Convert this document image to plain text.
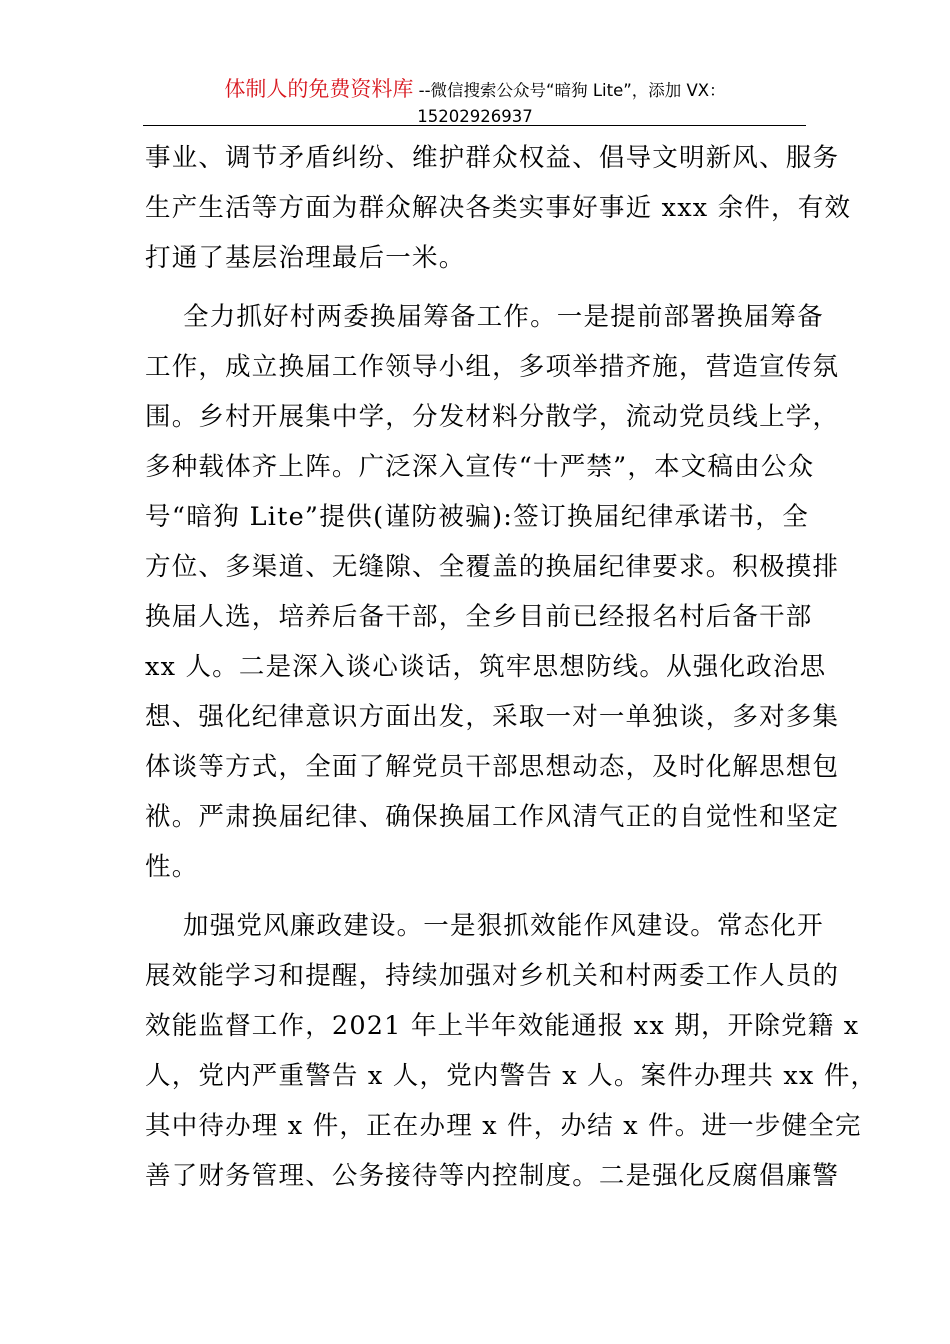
体制人的免费资料库 --微信搜索公众号“暗狗 Lite”，添加 VX：
15202926937

事业、调节矛盾纠纷、维护群众权益、倡导文明新风、服务
生产生活等方面为群众解决各类实事好事近 xxx 余件，有效
打通了基层治理最后一米。

全力抓好村两委换届筹备工作。一是提前部署换届筹备
工作，成立换届工作领导小组，多项举措齐施，营造宣传氛
围。乡村开展集中学，分发材料分散学，流动党员线上学，
多种载体齐上阵。广泛深入宣传“十严禁”，本文稿由公众
号“暗狗 Lite”提供(谨防被骗):签订换届纪律承诺书，全
方位、多渠道、无缝隙、全覆盖的换届纪律要求。积极摸排
换届人选，培养后备干部，全乡目前已经报名村后备干部
xx 人。二是深入谈心谈话，筑牢思想防线。从强化政治思
想、强化纪律意识方面出发，采取一对一单独谈，多对多集
体谈等方式，全面了解党员干部思想动态，及时化解思想包
袱。严肃换届纪律、确保换届工作风清气正的自觉性和坚定
性。

加强党风廉政建设。一是狠抓效能作风建设。常态化开
展效能学习和提醒，持续加强对乡机关和村两委工作人员的
效能监督工作，2021 年上半年效能通报 xx 期，开除党籍 x
人，党内严重警告 x 人，党内警告 x 人。案件办理共 xx 件，
其中待办理 x 件，正在办理 x 件，办结 x 件。进一步健全完
善了财务管理、公务接待等内控制度。二是强化反腐倡廉警
